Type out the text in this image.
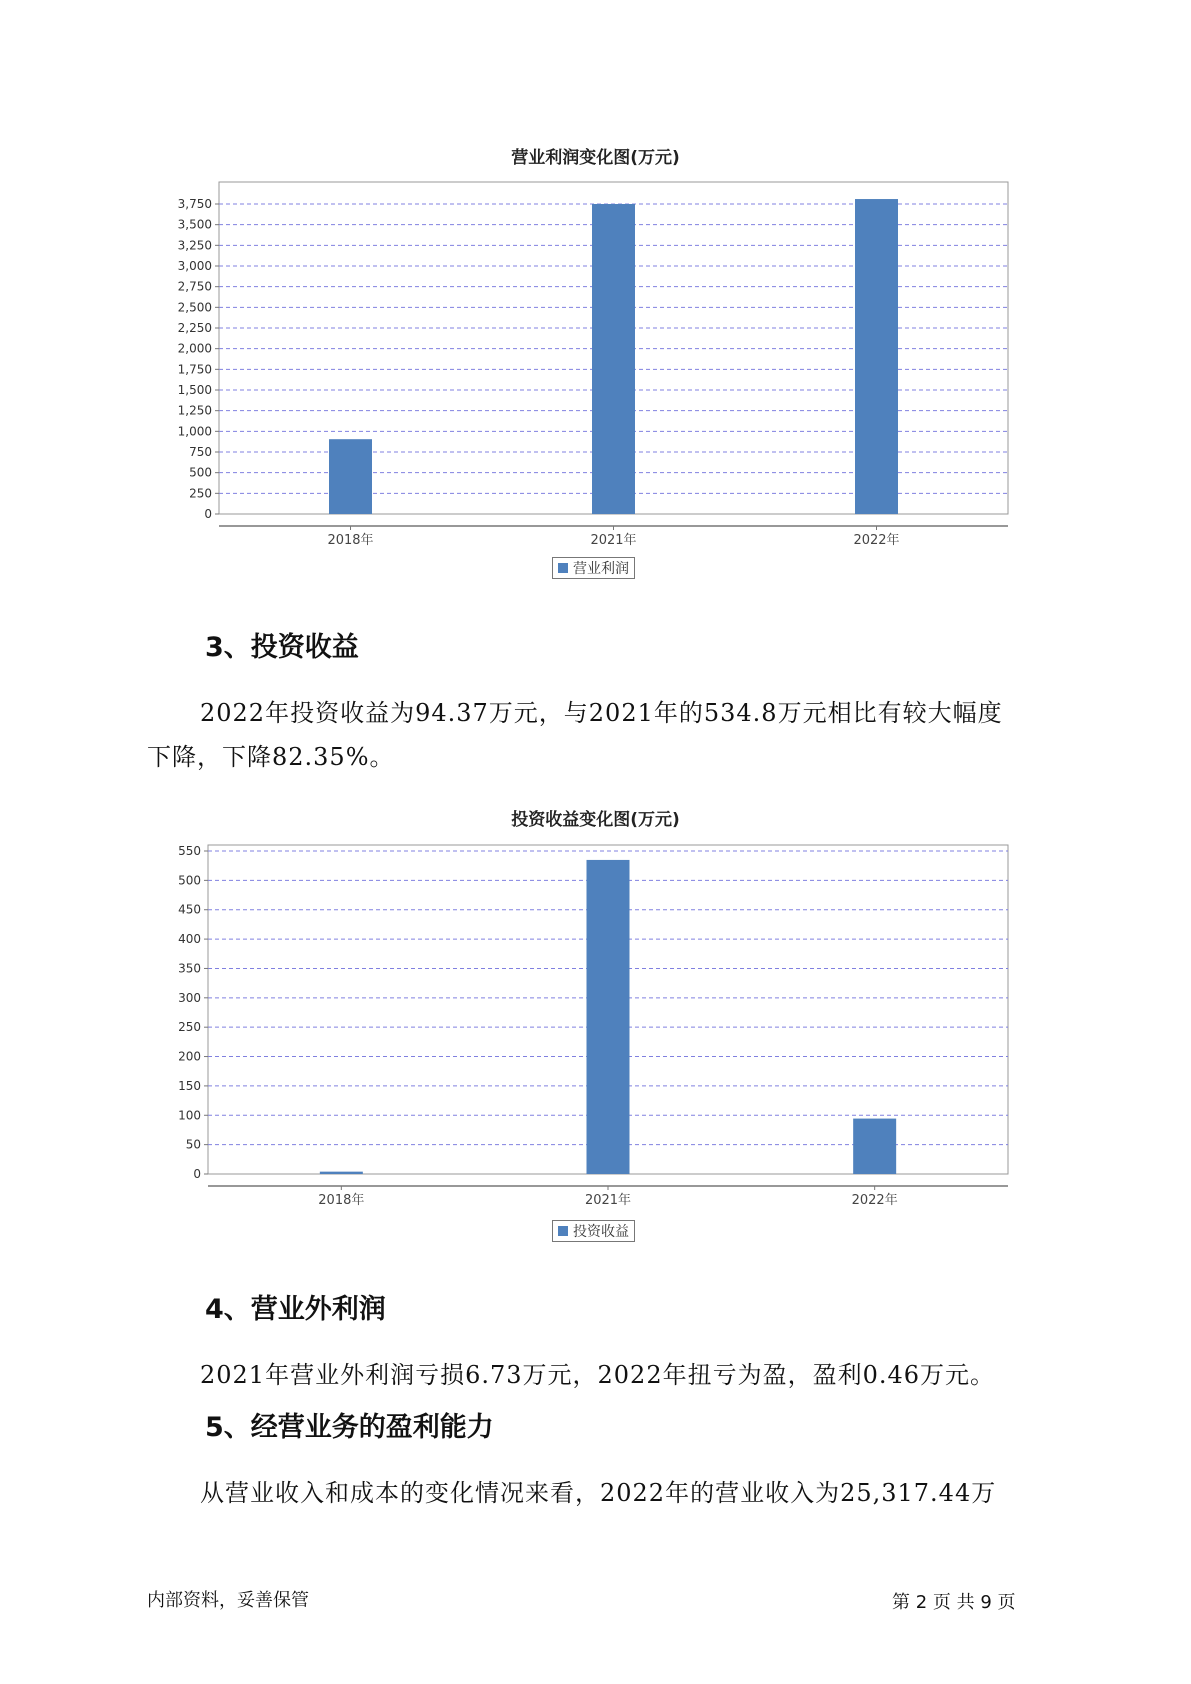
营业利润变化图(万元)
0
250
500
750
1,000
1,250
1,500
1,750
2,000
2,250
2,500
2,750
3,000
3,250
3,500
3,750
2018年	2021年	2022年
营业利润
3、投资收益
2022年投资收益为94.37万元，与2021年的534.8万元相比有较大幅度
下降，下降82.35%。
投资收益变化图(万元)
0
50
100
150
200
250
300
350
400
450
500
550
2018年	2021年	2022年
投资收益
4、营业外利润
2021年营业外利润亏损6.73万元，2022年扭亏为盈，盈利0.46万元。
5、经营业务的盈利能力
从营业收入和成本的变化情况来看，2022年的营业收入为25,317.44万
内部资料，妥善保管	第 2 页 共 9 页
